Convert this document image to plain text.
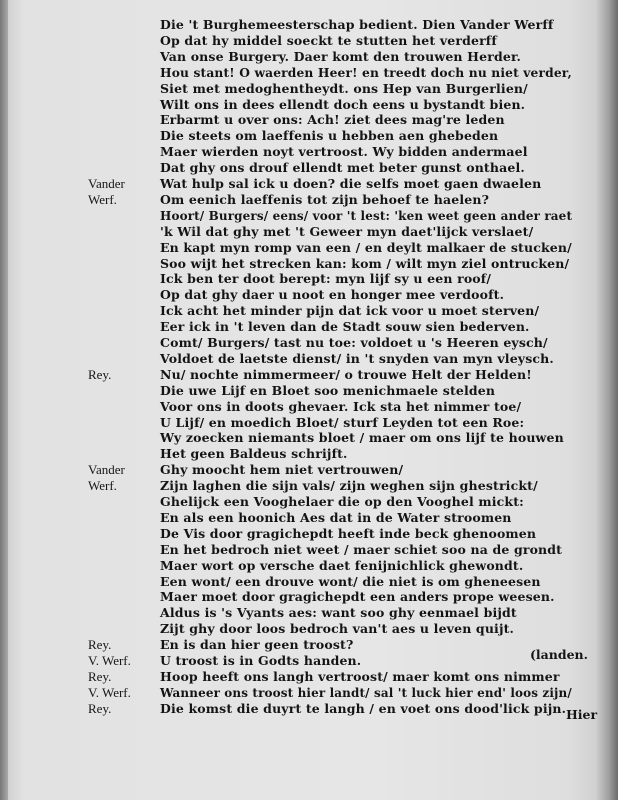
Die 't Burghemeesterschap bedient. Dien Vander Werff
Op dat hy middel soeckt te stutten het verderff
Van onse Burgery. Daer komt den trouwen Herder.
Hou stant! O waerden Heer! en treedt doch nu niet verder,
Siet met medoghentheydt. ons Hep van Burgerlien/
Wilt ons in dees ellendt doch eens u bystandt bien.
Erbarmt u over ons: Ach! ziet dees mag're leden
Die steets om laeffenis u hebben aen ghebeden
Maer wierden noyt vertroost. Wy bidden andermael
Dat ghy ons drouf ellendt met beter gunst onthael.
Vander	Wat hulp sal ick u doen? die selfs moet gaen dwaelen
Werf.	Om eenich laeffenis tot zijn behoef te haelen?
Hoort/ Burgers/ eens/ voor 't lest: 'ken weet geen ander raet
'k Wil dat ghy met 't Geweer myn daet'lijck verslaet/
En kapt myn romp van een / en deylt malkaer de stucken/
Soo wijt het strecken kan: kom / wilt myn ziel ontrucken/
Ick ben ter doot berept: myn lijf sy u een roof/
Op dat ghy daer u noot en honger mee verdooft.
Ick acht het minder pijn dat ick voor u moet sterven/
Eer ick in 't leven dan de Stadt souw sien bederven.
Comt/ Burgers/ tast nu toe: voldoet u 's Heeren eysch/
Voldoet de laetste dienst/ in 't snyden van myn vleysch.
Rey.	Nu/ nochte nimmermeer/ o trouwe Helt der Helden!
Die uwe Lijf en Bloet soo menichmaele stelden
Voor ons in doots ghevaer. Ick sta het nimmer toe/
U Lijf/ en moedich Bloet/ sturf Leyden tot een Roe:
Wy zoecken niemants bloet / maer om ons lijf te houwen
Het geen Baldeus schrijft.
Vander	Ghy moocht hem niet vertrouwen/
Werf.	Zijn laghen die sijn vals/ zijn weghen sijn ghestrickt/
Ghelijck een Vooghelaer die op den Vooghel mickt:
En als een hoonich Aes dat in de Water stroomen
De Vis door gragichepdt heeft inde beck ghenoomen
En het bedroch niet weet / maer schiet soo na de grondt
Maer wort op versche daet fenijnichlick ghewondt.
Een wont/ een drouve wont/ die niet is om gheneesen
Maer moet door gragichepdt een anders prope weesen.
Aldus is 's Vyants aes: want soo ghy eenmael bijdt
Zijt ghy door loos bedroch van't aes u leven quijt.
Rey.	En is dan hier geen troost?
V. Werf. U troost is in Godts handen.	(landen.
Rey.	Hoop heeft ons langh vertroost/ maer komt ons nimmer
V. Werf. Wanneer ons troost hier landt/ sal 't luck hier end' loos zijn/
Rey.	Die komst die duyrt te langh / en voet ons dood'lick pijn. Hier
